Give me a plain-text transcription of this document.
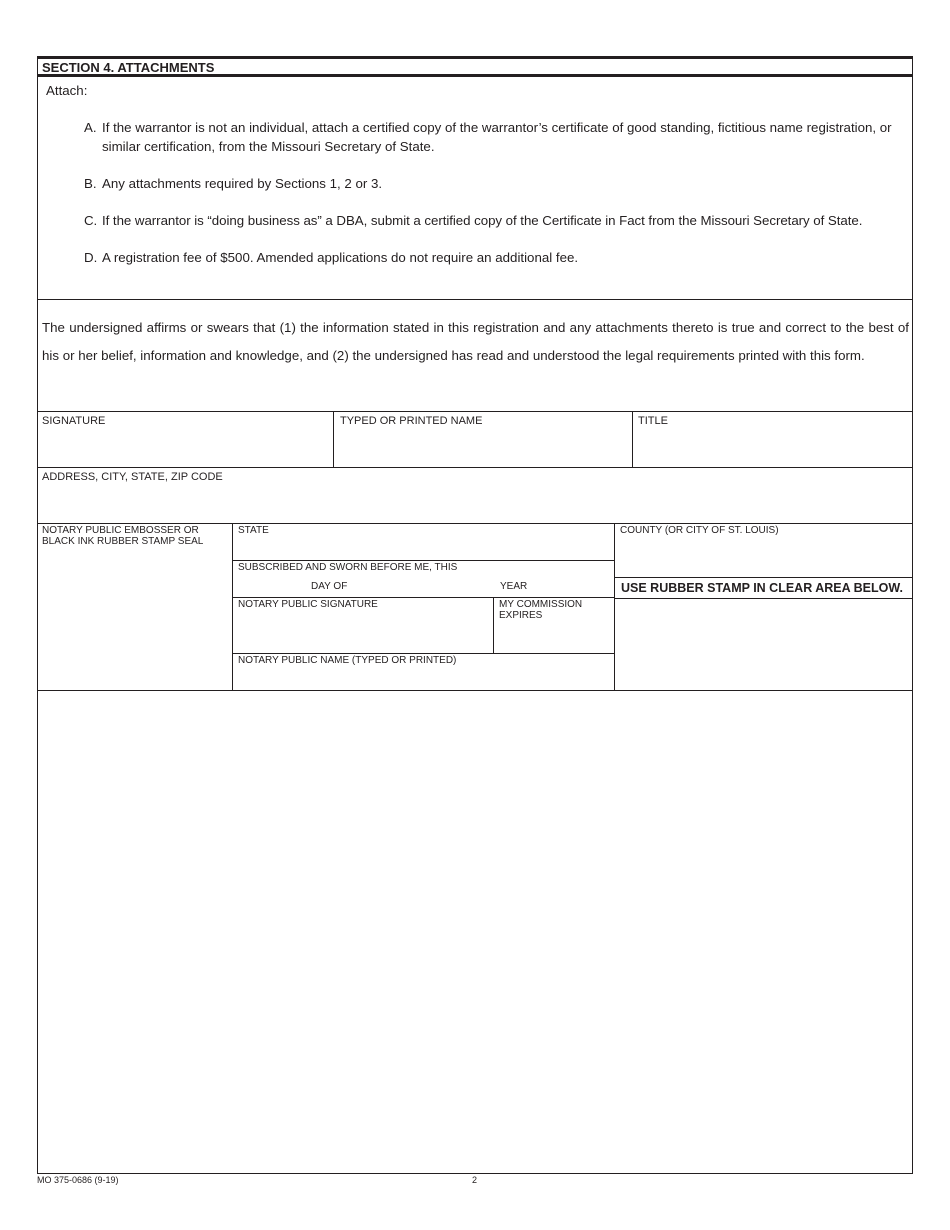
SECTION 4. ATTACHMENTS
Attach:
A. If the warrantor is not an individual, attach a certified copy of the warrantor’s certificate of good standing, fictitious name registration, or similar certification, from the Missouri Secretary of State.
B. Any attachments required by Sections 1, 2 or 3.
C. If the warrantor is “doing business as” a DBA, submit a certified copy of the Certificate in Fact from the Missouri Secretary of State.
D. A registration fee of $500. Amended applications do not require an additional fee.
The undersigned affirms or swears that (1) the information stated in this registration and any attachments thereto is true and correct to the best of his or her belief, information and knowledge, and (2) the undersigned has read and understood the legal requirements printed with this form.
SIGNATURE	TYPED OR PRINTED NAME	TITLE
ADDRESS, CITY, STATE, ZIP CODE
NOTARY PUBLIC EMBOSSER OR BLACK INK RUBBER STAMP SEAL
STATE	COUNTY (OR CITY OF ST. LOUIS)
SUBSCRIBED AND SWORN BEFORE ME, THIS
DAY OF	YEAR	USE RUBBER STAMP IN CLEAR AREA BELOW.
NOTARY PUBLIC SIGNATURE	MY COMMISSION EXPIRES
NOTARY PUBLIC NAME (TYPED OR PRINTED)
MO 375-0686 (9-19)	2
